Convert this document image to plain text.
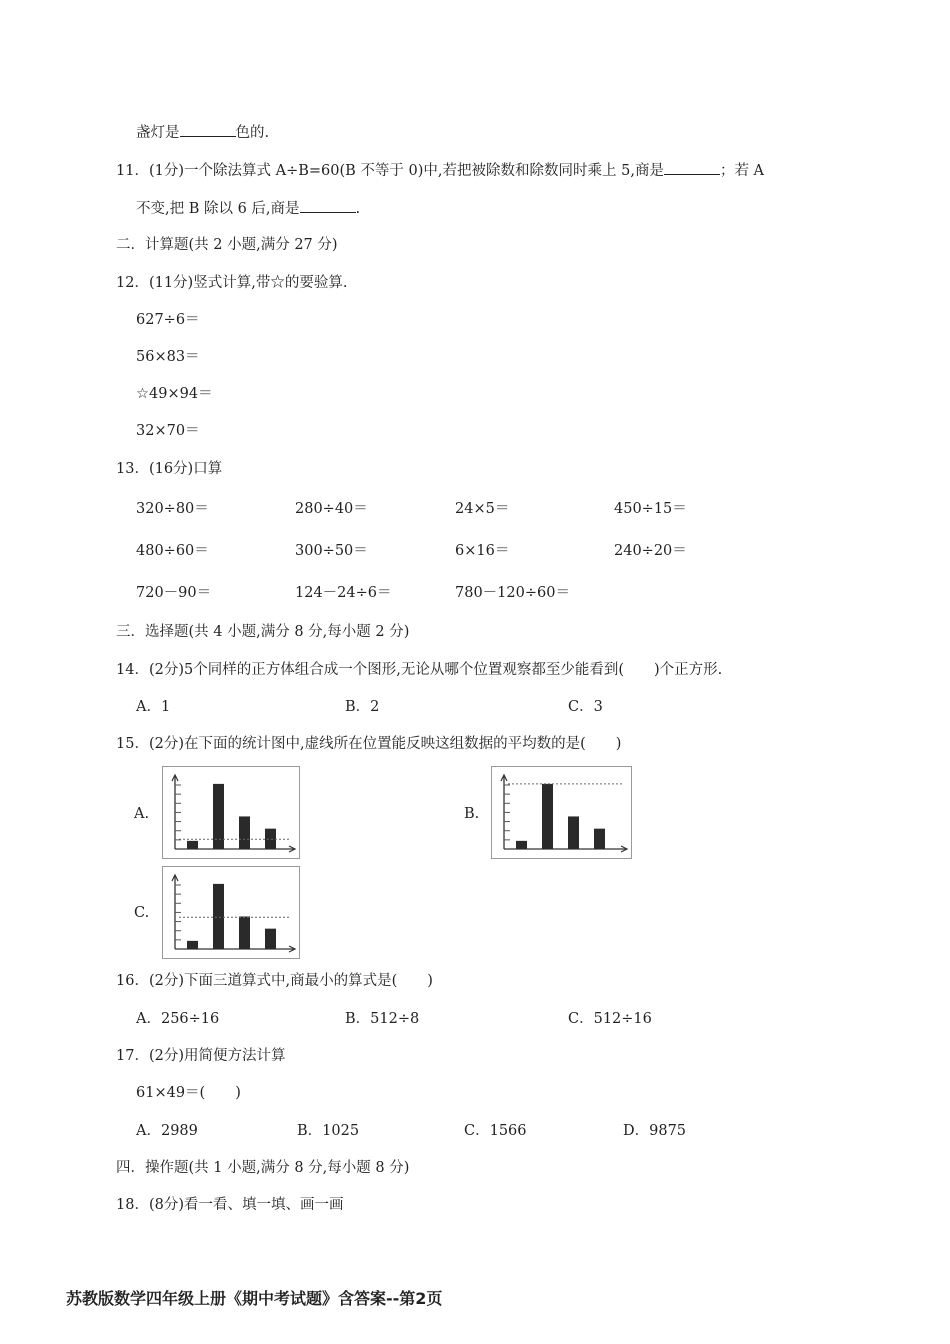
盏灯是	色的.
11．(1分)一个除法算式 A÷B=60(B 不等于 0)中,若把被除数和除数同时乘上 5,商是	；若 A
不变,把 B 除以 6 后,商是	.
二．计算题(共 2 小题,满分 27 分)
12．(11分)竖式计算,带☆的要验算.
627÷6＝
56×83＝
☆49×94＝
32×70＝
13．(16分)口算
320÷80＝	280÷40＝	24×5＝	450÷15＝
480÷60＝	300÷50＝	6×16＝	240÷20＝
720－90＝	124－24÷6＝	780－120÷60＝
三．选择题(共 4 小题,满分 8 分,每小题 2 分)
14．(2分)5个同样的正方体组合成一个图形,无论从哪个位置观察都至少能看到( )个正方形.
A．1	B．2	C．3
15．(2分)在下面的统计图中,虚线所在位置能反映这组数据的平均数的是( )
A.	B.
C.
16．(2分)下面三道算式中,商最小的算式是( )
A．256÷16	B．512÷8	C．512÷16
17．(2分)用简便方法计算
61×49＝( )
A．2989	B．1025	C．1566	D．9875
四．操作题(共 1 小题,满分 8 分,每小题 8 分)
18．(8分)看一看、填一填、画一画
苏教版数学四年级上册《期中考试题》含答案--第2页
